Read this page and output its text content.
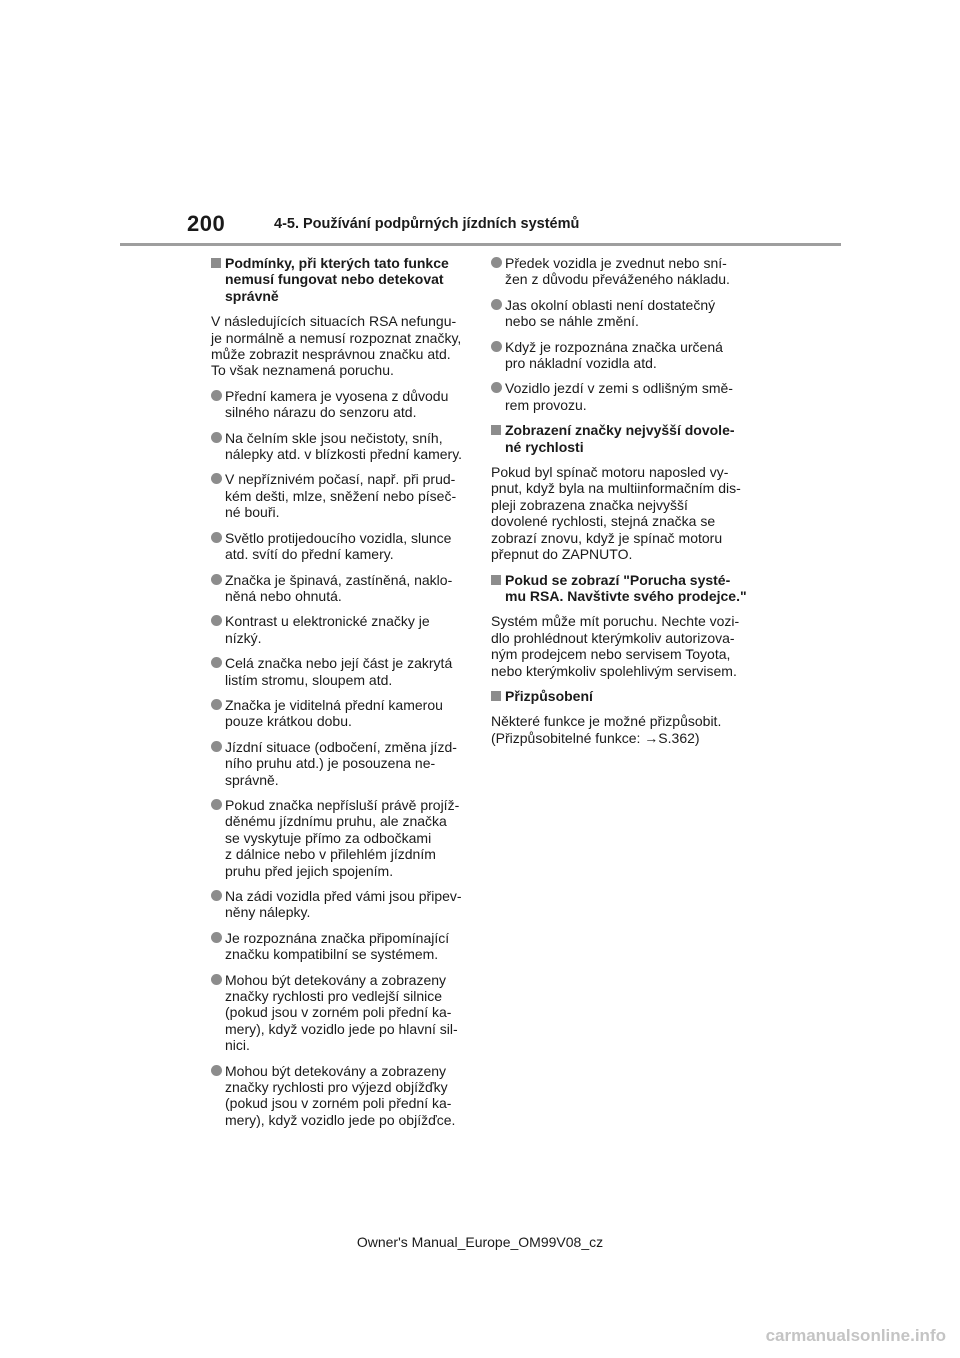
200	4-5. Používání podpůrných jízdních systémů
Podmínky, při kterých tato funkce
nemusí fungovat nebo detekovat
správně
V následujících situacích RSA nefungu-
je normálně a nemusí rozpoznat značky,
může zobrazit nesprávnou značku atd.
To však neznamená poruchu.
Přední kamera je vyosena z důvodu
silného nárazu do senzoru atd.
Na čelním skle jsou nečistoty, sníh,
nálepky atd. v blízkosti přední kamery.
V nepříznivém počasí, např. při prud-
kém dešti, mlze, sněžení nebo píseč-
né bouři.
Světlo protijedoucího vozidla, slunce
atd. svítí do přední kamery.
Značka je špinavá, zastíněná, naklo-
něná nebo ohnutá.
Kontrast u elektronické značky je
nízký.
Celá značka nebo její část je zakrytá
listím stromu, sloupem atd.
Značka je viditelná přední kamerou
pouze krátkou dobu.
Jízdní situace (odbočení, změna jízd-
ního pruhu atd.) je posouzena ne-
správně.
Pokud značka nepřísluší právě projíž-
děnému jízdnímu pruhu, ale značka
se vyskytuje přímo za odbočkami
z dálnice nebo v přilehlém jízdním
pruhu před jejich spojením.
Na zádi vozidla před vámi jsou připev-
něny nálepky.
Je rozpoznána značka připomínající
značku kompatibilní se systémem.
Mohou být detekovány a zobrazeny
značky rychlosti pro vedlejší silnice
(pokud jsou v zorném poli přední ka-
mery), když vozidlo jede po hlavní sil-
nici.
Mohou být detekovány a zobrazeny
značky rychlosti pro výjezd objížďky
(pokud jsou v zorném poli přední ka-
mery), když vozidlo jede po objížďce.
Předek vozidla je zvednut nebo sní-
žen z důvodu převáženého nákladu.
Jas okolní oblasti není dostatečný
nebo se náhle změní.
Když je rozpoznána značka určená
pro nákladní vozidla atd.
Vozidlo jezdí v zemi s odlišným smě-
rem provozu.
Zobrazení značky nejvyšší dovole-
né rychlosti
Pokud byl spínač motoru naposled vy-
pnut, když byla na multiinformačním dis-
pleji zobrazena značka nejvyšší
dovolené rychlosti, stejná značka se
zobrazí znovu, když je spínač motoru
přepnut do ZAPNUTO.
Pokud se zobrazí "Porucha systé-
mu RSA. Navštivte svého prodejce."
Systém může mít poruchu. Nechte vozi-
dlo prohlédnout kterýmkoliv autorizova-
ným prodejcem nebo servisem Toyota,
nebo kterýmkoliv spolehlivým servisem.
Přizpůsobení
Některé funkce je možné přizpůsobit.
(Přizpůsobitelné funkce: →S.362)
Owner's Manual_Europe_OM99V08_cz
carmanualsonline.info
